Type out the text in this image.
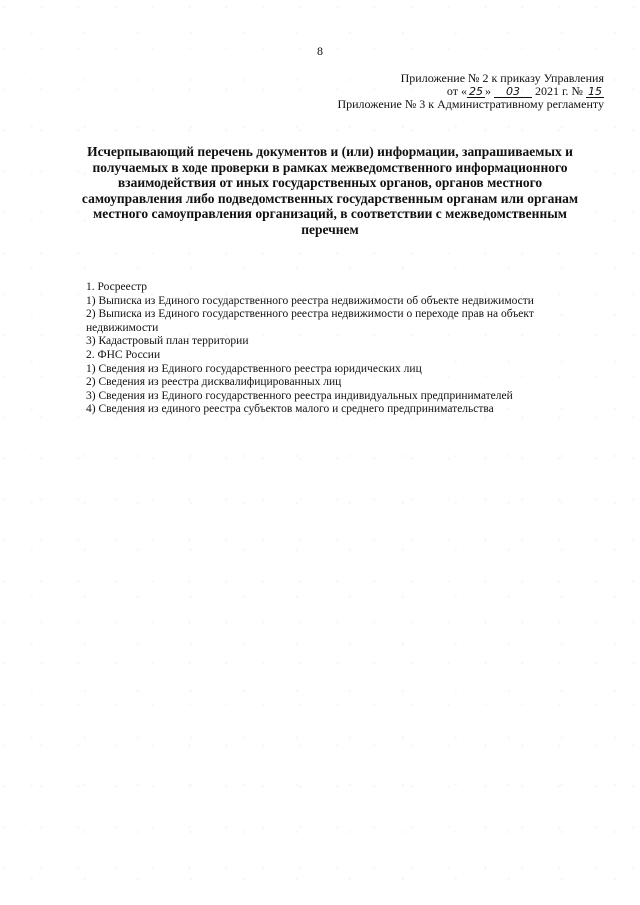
8
Приложение № 2 к приказу Управления
от « 25 » 03 2021 г. № 15
Приложение № 3 к Административному регламенту
Исчерпывающий перечень документов и (или) информации, запрашиваемых и получаемых в ходе проверки в рамках межведомственного информационного взаимодействия от иных государственных органов, органов местного самоуправления либо подведомственных государственным органам или органам местного самоуправления организаций, в соответствии с межведомственным перечнем
1. Росреестр
1) Выписка из Единого государственного реестра недвижимости об объекте недвижимости
2) Выписка из Единого государственного реестра недвижимости о переходе прав на объект недвижимости
3) Кадастровый план территории
2. ФНС России
1) Сведения из Единого государственного реестра юридических лиц
2) Сведения из реестра дисквалифицированных лиц
3) Сведения из Единого государственного реестра индивидуальных предпринимателей
4) Сведения из единого реестра субъектов малого и среднего предпринимательства
